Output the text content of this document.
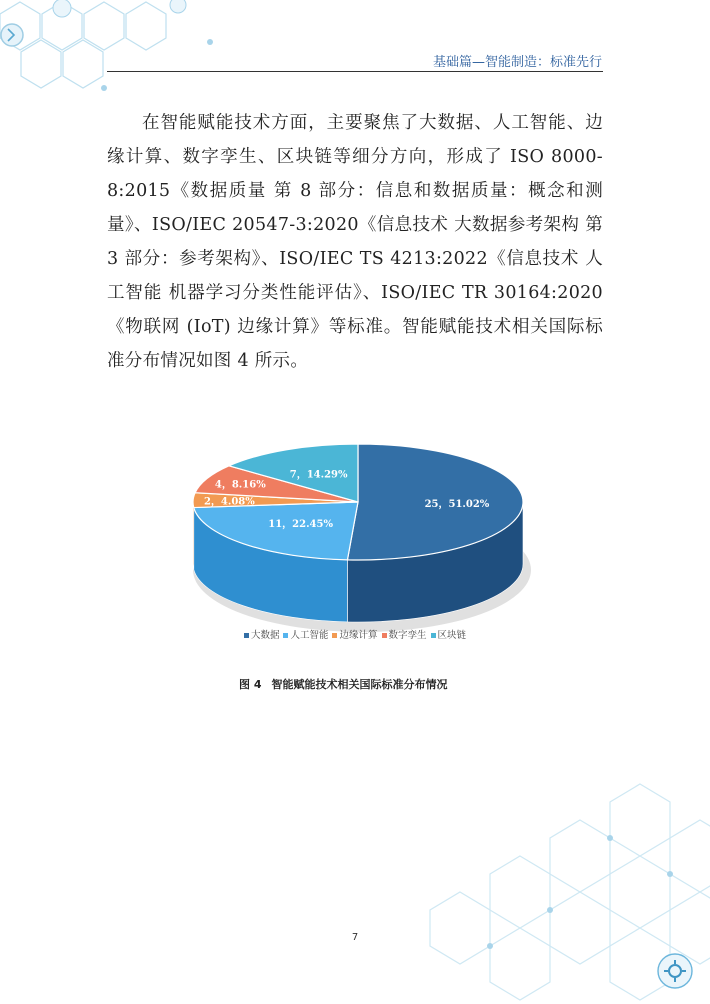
基础篇—智能制造：标准先行

在智能赋能技术方面，主要聚焦了大数据、人工智能、边缘计算、数字孪生、区块链等细分方向，形成了 ISO 8000-8:2015《数据质量 第 8 部分：信息和数据质量：概念和测量》、ISO/IEC 20547-3:2020《信息技术 大数据参考架构 第 3 部分：参考架构》、ISO/IEC TS 4213:2022《信息技术 人工智能 机器学习分类性能评估》、ISO/IEC TR 30164:2020《物联网 (IoT) 边缘计算》等标准。智能赋能技术相关国际标准分布情况如图 4 所示。

25，51.02%
11，22.45%
2，4.08%
4，8.16%
7，14.29%
大数据 人工智能 边缘计算 数字孪生 区块链
图 4 智能赋能技术相关国际标准分布情况
7
